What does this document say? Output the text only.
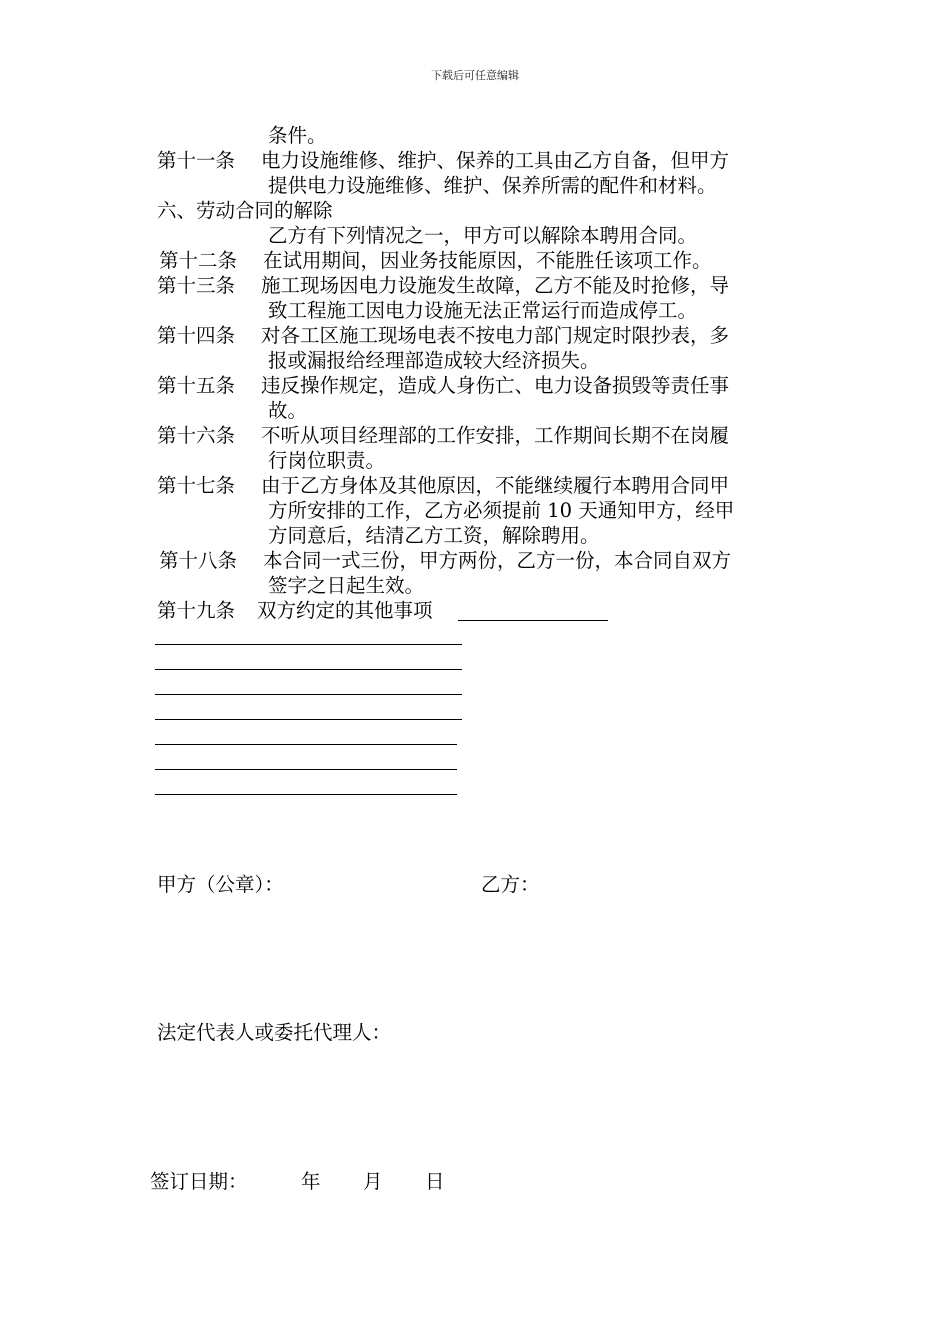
下载后可任意编辑
条件。
第十一条 电力设施维修、维护、保养的工具由乙方自备，但甲方
提供电力设施维修、维护、保养所需的配件和材料。
六、劳动合同的解除
乙方有下列情况之一，甲方可以解除本聘用合同。
第十二条 在试用期间，因业务技能原因，不能胜任该项工作。
第十三条 施工现场因电力设施发生故障，乙方不能及时抢修，导
致工程施工因电力设施无法正常运行而造成停工。
第十四条 对各工区施工现场电表不按电力部门规定时限抄表，多
报或漏报给经理部造成较大经济损失。
第十五条 违反操作规定，造成人身伤亡、电力设备损毁等责任事
故。
第十六条 不听从项目经理部的工作安排，工作期间长期不在岗履
行岗位职责。
第十七条 由于乙方身体及其他原因，不能继续履行本聘用合同甲
方所安排的工作，乙方必须提前 10 天通知甲方，经甲
方同意后，结清乙方工资，解除聘用。
第十八条 本合同一式三份，甲方两份，乙方一份，本合同自双方
签字之日起生效。
第十九条 双方约定的其他事项
甲方（公章）：	乙方：
法定代表人或委托代理人：
签订日期：	年 月 日
